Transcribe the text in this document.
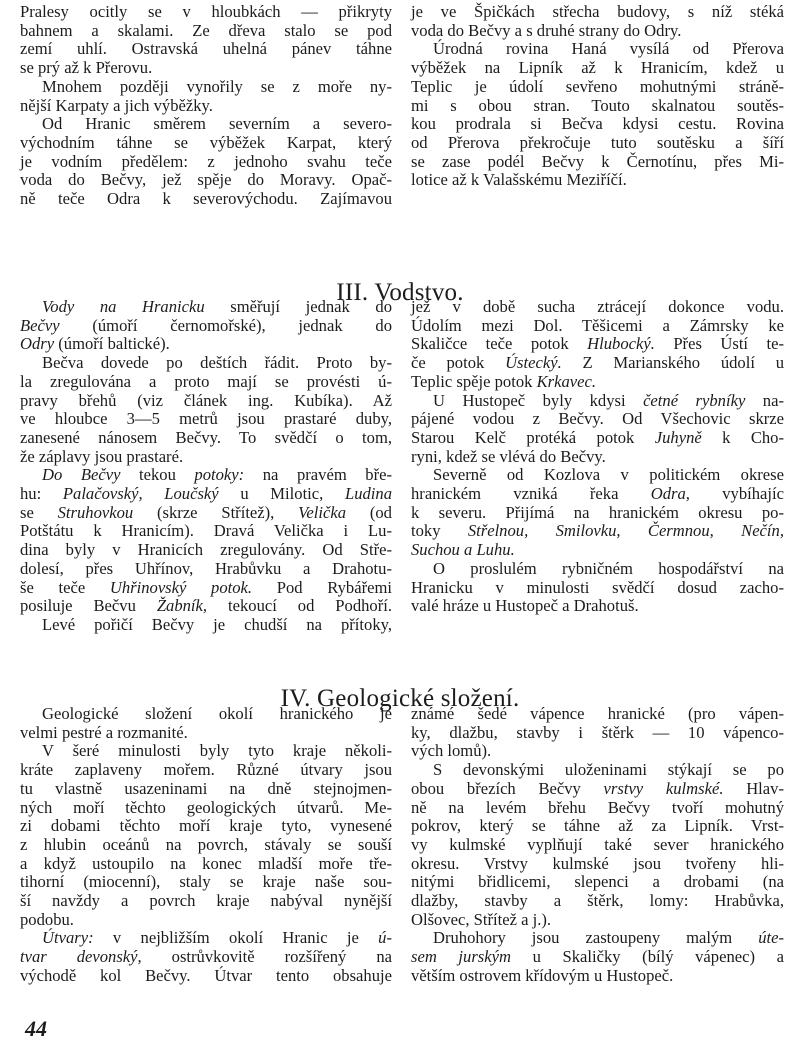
Pralesy ocitly se v hloubkách — přikryty

bahnem a skalami. Ze dřeva stalo se pod

zemí uhlí. Ostravská uhelná pánev táhne

se prý až k Přerovu.

Mnohem později vynořily se z moře ny-

nější Karpaty a jich výběžky.

Od Hranic směrem severním a severo-

východním táhne se výběžek Karpat, který

je vodním předělem: z jednoho svahu teče

voda do Bečvy, jež spěje do Moravy. Opač-

ně teče Odra k severovýchodu. Zajímavou

je ve Špičkách střecha budovy, s níž stéká

voda do Bečvy a s druhé strany do Odry.

Úrodná rovina Haná vysílá od Přerova

výběžek na Lipník až k Hranicím, kdež u

Teplic je údolí sevřeno mohutnými stráně-

mi s obou stran. Touto skalnatou soutěs-

kou prodrala si Bečva kdysi cestu. Rovina

od Přerova překročuje tuto soutěsku a šíří

se zase podél Bečvy k Černotínu, přes Mi-

lotice až k Valašskému Meziříčí.

III. Vodstvo.

Vody na Hranicku směřují jednak do

Bečvy (úmoří černomořské), jednak do

Odry (úmoří baltické).

Bečva dovede po deštích řádit. Proto by-

la zregulována a proto mají se provésti ú-

pravy břehů (viz článek ing. Kubíka). Až

ve hloubce 3—5 metrů jsou prastaré duby,

zanesené nánosem Bečvy. To svědčí o tom,

že záplavy jsou prastaré.

Do Bečvy tekou potoky: na pravém bře-

hu: Palačovský, Loučský u Milotic, Ludina

se Struhovkou (skrze Střítež), Velička (od

Potštátu k Hranicím). Dravá Velička i Lu-

dina byly v Hranicích zregulovány. Od Stře-

dolesí, přes Uhřínov, Hrabůvku a Drahotu-

še teče Uhřinovský potok. Pod Rybářemi

posiluje Bečvu Žabník, tekoucí od Podhoří.

Levé pořičí Bečvy je chudší na přítoky,

jež v době sucha ztrácejí dokonce vodu.

Údolím mezi Dol. Těšicemi a Zámrsky ke

Skaličce teče potok Hlubocký. Přes Ústí te-

če potok Ústecký. Z Marianského údolí u

Teplic spěje potok Krkavec.

U Hustopeč byly kdysi četné rybníky na-

pájené vodou z Bečvy. Od Všechovic skrze

Starou Kelč protéká potok Juhyně k Cho-

ryni, kdež se vlévá do Bečvy.

Severně od Kozlova v politickém okrese

hranickém vzniká řeka Odra, vybíhajíc

k severu. Přijímá na hranickém okresu po-

toky Střelnou, Smilovku, Čermnou, Nečín,

Suchou a Luhu.

O proslulém rybničném hospodářství na

Hranicku v minulosti svědčí dosud zacho-

valé hráze u Hustopeč a Drahotuš.

IV. Geologické složení.

Geologické složení okolí hranického je

velmi pestré a rozmanité.

V šeré minulosti byly tyto kraje několi-

kráte zaplaveny mořem. Různé útvary jsou

tu vlastně usazeninami na dně stejnojmen-

ných moří těchto geologických útvarů. Me-

zi dobami těchto moří kraje tyto, vynesené

z hlubin oceánů na povrch, stávaly se souší

a když ustoupilo na konec mladší moře tře-

tihorní (miocenní), staly se kraje naše sou-

ší navždy a povrch kraje nabýval nynější

podobu.

Útvary: v nejbližším okolí Hranic je ú-

tvar devonský, ostrůvkovitě rozšířený na

východě kol Bečvy. Útvar tento obsahuje

známé šedé vápence hranické (pro vápen-

ky, dlažbu, stavby i štěrk — 10 vápenco-

vých lomů).

S devonskými uloženinami stýkají se po

obou březích Bečvy vrstvy kulmské. Hlav-

ně na levém břehu Bečvy tvoří mohutný

pokrov, který se táhne až za Lipník. Vrst-

vy kulmské vyplňují také sever hranického

okresu. Vrstvy kulmské jsou tvořeny hli-

nitými břidlicemi, slepenci a drobami (na

dlažby, stavby a štěrk, lomy: Hrabůvka,

Olšovec, Střítež a j.).

Druhohory jsou zastoupeny malým úte-

sem jurským u Skaličky (bílý vápenec) a

větším ostrovem křídovým u Hustopeč.

44
